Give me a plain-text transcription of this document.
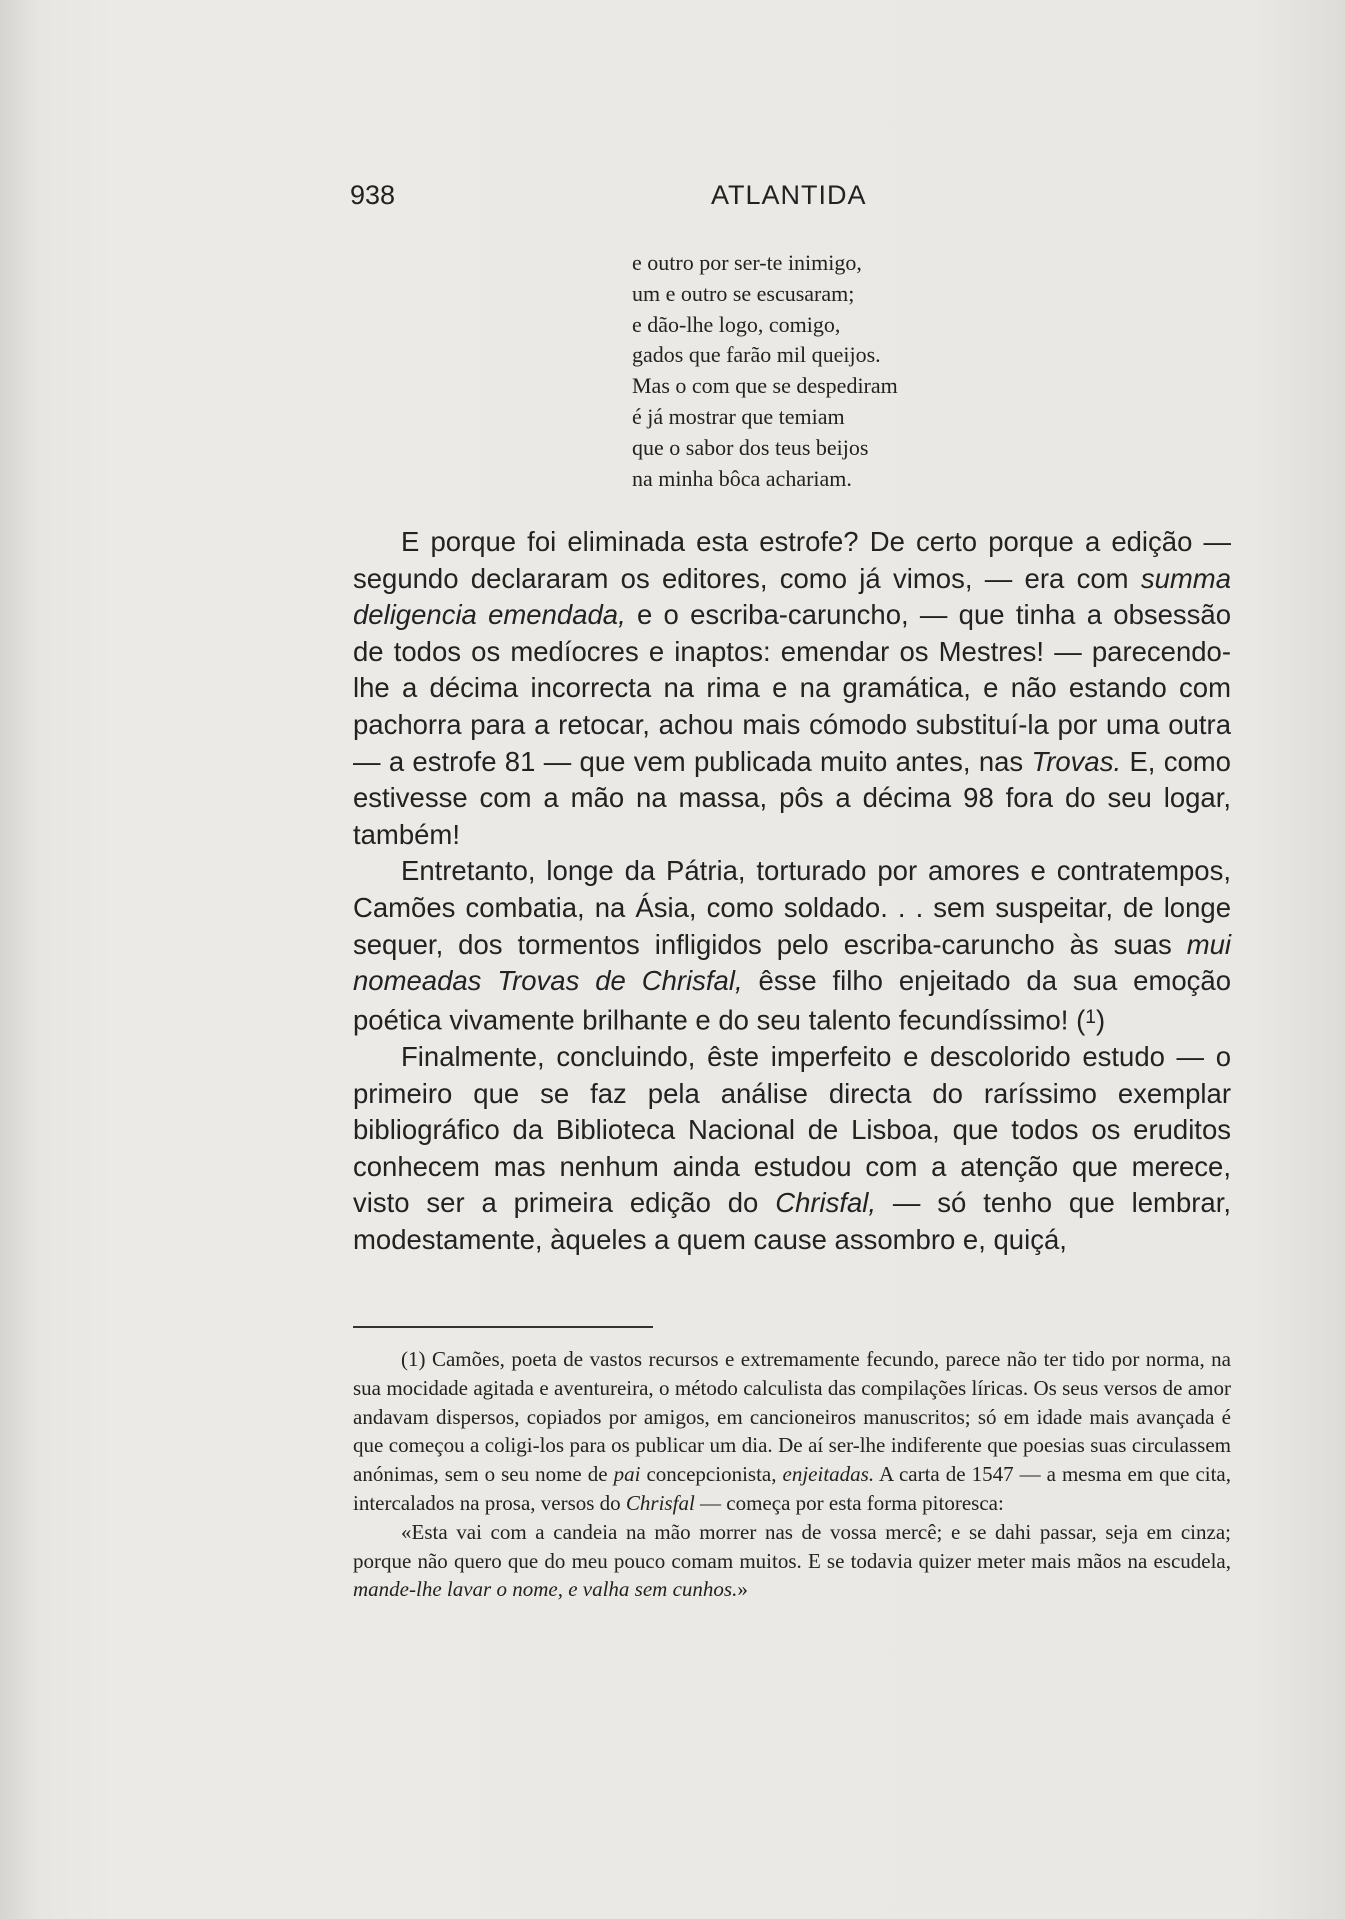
938	ATLANTIDA
e outro por ser-te inimigo,
um e outro se escusaram;
e dão-lhe logo, comigo,
gados que farão mil queijos.
Mas o com que se despediram
é já mostrar que temiam
que o sabor dos teus beijos
na minha bôca achariam.

E porque foi eliminada esta estrofe? De certo porque a edição — segundo declararam os editores, como já vimos, — era com summa deligencia emendada, e o escriba-caruncho, — que tinha a obsessão de todos os medíocres e inaptos: emendar os Mestres! — parecendo-lhe a décima incorrecta na rima e na gramática, e não estando com pachorra para a retocar, achou mais cómodo substituí-la por uma outra — a estrofe 81 — que vem publicada muito antes, nas Trovas. E, como estivesse com a mão na massa, pôs a décima 98 fora do seu logar, também!

Entretanto, longe da Pátria, torturado por amores e contratempos, Camões combatia, na Ásia, como soldado. . . sem suspeitar, de longe sequer, dos tormentos infligidos pelo escriba-caruncho às suas mui nomeadas Trovas de Chrisfal, êsse filho enjeitado da sua emoção poética vivamente brilhante e do seu talento fecundíssimo! ($^1$)

Finalmente, concluindo, êste imperfeito e descolorido estudo — o primeiro que se faz pela análise directa do raríssimo exemplar bibliográfico da Biblioteca Nacional de Lisboa, que todos os eruditos conhecem mas nenhum ainda estudou com a atenção que merece, visto ser a primeira edição do Chrisfal, — só tenho que lembrar, modestamente, àqueles a quem cause assombro e, quiçá,

(1) Camões, poeta de vastos recursos e extremamente fecundo, parece não ter tido por norma, na sua mocidade agitada e aventureira, o método calculista das compilações líricas. Os seus versos de amor andavam dispersos, copiados por amigos, em cancioneiros manuscritos; só em idade mais avançada é que começou a coligi-los para os publicar um dia. De aí ser-lhe indiferente que poesias suas circulassem anónimas, sem o seu nome de pai concepcionista, enjeitadas. A carta de 1547 — a mesma em que cita, intercalados na prosa, versos do Chrisfal — começa por esta forma pitoresca:

«Esta vai com a candeia na mão morrer nas de vossa mercê; e se dahi passar, seja em cinza; porque não quero que do meu pouco comam muitos. E se todavia quizer meter mais mãos na escudela, mande-lhe lavar o nome, e valha sem cunhos.»
